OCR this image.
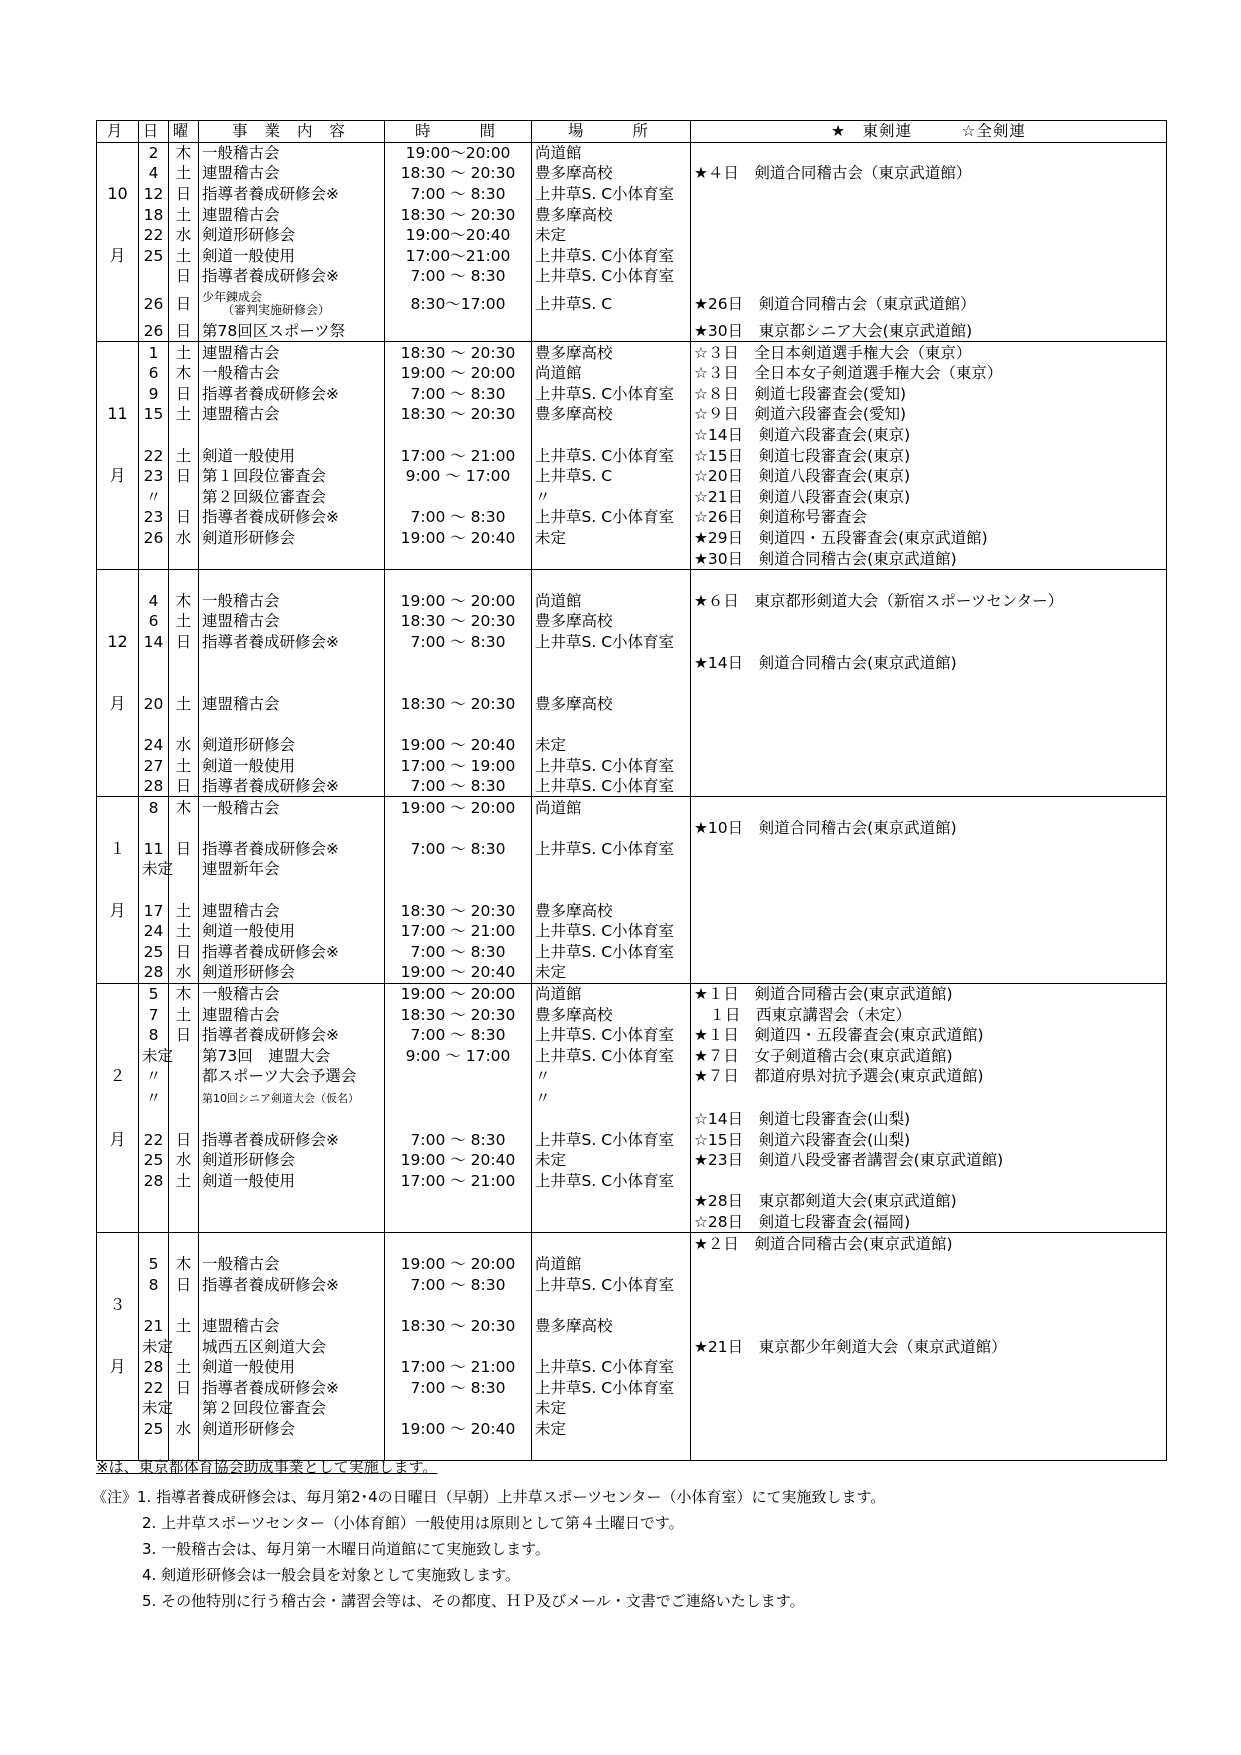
月	日	曜	事 業 内 容	時　　間	場　　所	★　東剣連　　　☆全剣連
	2	木	一般稽古会	19:00～20:00	尚道館	
	4	土	連盟稽古会	18:30 ～ 20:30	豊多摩高校	★４日　剣道合同稽古会（東京武道館）
10	12	日	指導者養成研修会※	7:00 ～ 8:30	上井草S. C小体育室	
	18	土	連盟稽古会	18:30 ～ 20:30	豊多摩高校	
	22	水	剣道形研修会	19:00～20:40	未定	
月	25	土	剣道一般使用	17:00～21:00	上井草S. C小体育室	
		日	指導者養成研修会※	7:00 ～ 8:30	上井草S. C小体育室	
	26	日	少年錬成会
（審判実施研修会）	8:30～17:00	上井草S. C	★26日　剣道合同稽古会（東京武道館）
	26	日	第78回区スポーツ祭			★30日　東京都シニア大会(東京武道館)
	1	土	連盟稽古会	18:30 ～ 20:30	豊多摩高校	☆３日　全日本剣道選手権大会（東京）
	6	木	一般稽古会	19:00 ～ 20:00	尚道館	☆３日　全日本女子剣道選手権大会（東京）
	9	日	指導者養成研修会※	7:00 ～ 8:30	上井草S. C小体育室	☆８日　剣道七段審査会(愛知)
11	15	土	連盟稽古会	18:30 ～ 20:30	豊多摩高校	☆９日　剣道六段審査会(愛知)
						☆14日　剣道六段審査会(東京)
	22	土	剣道一般使用	17:00 ～ 21:00	上井草S. C小体育室	☆15日　剣道七段審査会(東京)
月	23	日	第１回段位審査会	9:00 ～ 17:00	上井草S. C	☆20日　剣道八段審査会(東京)
	〃		第２回級位審査会		〃	☆21日　剣道八段審査会(東京)
	23	日	指導者養成研修会※	7:00 ～ 8:30	上井草S. C小体育室	☆26日　剣道称号審査会
	26	水	剣道形研修会	19:00 ～ 20:40	未定	★29日　剣道四・五段審査会(東京武道館)
						★30日　剣道合同稽古会(東京武道館)

	4	木	一般稽古会	19:00 ～ 20:00	尚道館	★６日　東京都形剣道大会（新宿スポーツセンター）
	6	土	連盟稽古会	18:30 ～ 20:30	豊多摩高校	
12	14	日	指導者養成研修会※	7:00 ～ 8:30	上井草S. C小体育室	
						★14日　剣道合同稽古会(東京武道館)

月	20	土	連盟稽古会	18:30 ～ 20:30	豊多摩高校	

	24	水	剣道形研修会	19:00 ～ 20:40	未定	
	27	土	剣道一般使用	17:00 ～ 19:00	上井草S. C小体育室	
	28	日	指導者養成研修会※	7:00 ～ 8:30	上井草S. C小体育室	
	8	木	一般稽古会	19:00 ～ 20:00	尚道館	
						★10日　剣道合同稽古会(東京武道館)
１	11	日	指導者養成研修会※	7:00 ～ 8:30	上井草S. C小体育室	
	未定		連盟新年会			

月	17	土	連盟稽古会	18:30 ～ 20:30	豊多摩高校	
	24	土	剣道一般使用	17:00 ～ 21:00	上井草S. C小体育室	
	25	日	指導者養成研修会※	7:00 ～ 8:30	上井草S. C小体育室	
	28	水	剣道形研修会	19:00 ～ 20:40	未定	
	5	木	一般稽古会	19:00 ～ 20:00	尚道館	★１日　剣道合同稽古会(東京武道館)
	7	土	連盟稽古会	18:30 ～ 20:30	豊多摩高校	　１日　西東京講習会（未定）
	8	日	指導者養成研修会※	7:00 ～ 8:30	上井草S. C小体育室	★１日　剣道四・五段審査会(東京武道館)
	未定		第73回　連盟大会	9:00 ～ 17:00	上井草S. C小体育室	★７日　女子剣道稽古会(東京武道館)
２	〃		都スポーツ大会予選会		〃	★７日　都道府県対抗予選会(東京武道館)
	〃		第10回シニア剣道大会（仮名）		〃	
						☆14日　剣道七段審査会(山梨)
月	22	日	指導者養成研修会※	7:00 ～ 8:30	上井草S. C小体育室	☆15日　剣道六段審査会(山梨)
	25	水	剣道形研修会	19:00 ～ 20:40	未定	★23日　剣道八段受審者講習会(東京武道館)
	28	土	剣道一般使用	17:00 ～ 21:00	上井草S. C小体育室	
						★28日　東京都剣道大会(東京武道館)
						☆28日　剣道七段審査会(福岡)
						★２日　剣道合同稽古会(東京武道館)
	5	木	一般稽古会	19:00 ～ 20:00	尚道館	
	8	日	指導者養成研修会※	7:00 ～ 8:30	上井草S. C小体育室	
３						
	21	土	連盟稽古会	18:30 ～ 20:30	豊多摩高校	
	未定		城西五区剣道大会			★21日　東京都少年剣道大会（東京武道館）
月	28	土	剣道一般使用	17:00 ～ 21:00	上井草S. C小体育室	
	22	日	指導者養成研修会※	7:00 ～ 8:30	上井草S. C小体育室	
	未定		第２回段位審査会		未定	
	25	水	剣道形研修会	19:00 ～ 20:40	未定	

※は、東京都体育協会助成事業として実施します。
《注》1. 指導者養成研修会は、毎月第2･4の日曜日（早朝）上井草スポーツセンター（小体育室）にて実施致します。
2. 上井草スポーツセンター（小体育館）一般使用は原則として第４土曜日です。
3. 一般稽古会は、毎月第一木曜日尚道館にて実施致します。
4. 剣道形研修会は一般会員を対象として実施致します。
5. その他特別に行う稽古会・講習会等は、その都度、ＨＰ及びメール・文書でご連絡いたします。
